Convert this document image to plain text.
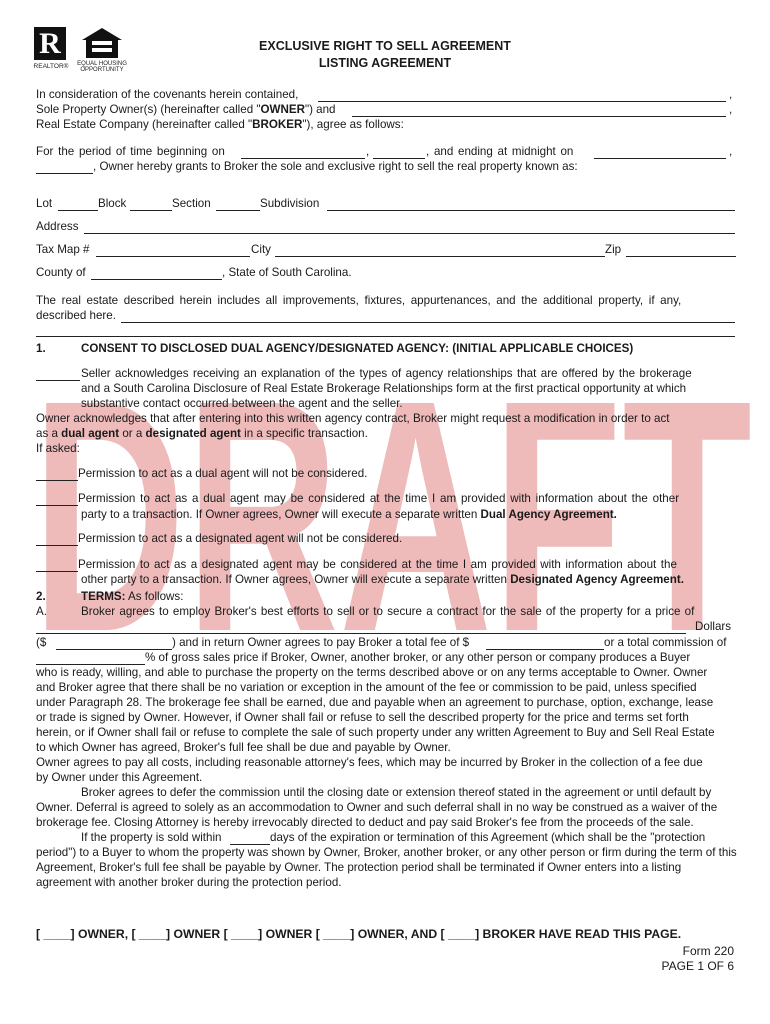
DRAFT
R
REALTOR®	EQUAL HOUSING
OPPORTUNITY
EXCLUSIVE RIGHT TO SELL AGREEMENT
LISTING AGREEMENT
In consideration of the covenants herein contained,	,
Sole Property Owner(s) (hereinafter called "OWNER") and	,
Real Estate Company (hereinafter called "BROKER"), agree as follows:
For the period of time beginning on	,	, and ending at midnight on	,
, Owner hereby grants to Broker the sole and exclusive right to sell the real property known as:
Lot	Block	Section	Subdivision
Address
Tax Map #	City	Zip
County of	, State of South Carolina.
The real estate described herein includes all improvements, fixtures, appurtenances, and the additional property, if any,
described here.
1.	CONSENT TO DISCLOSED DUAL AGENCY/DESIGNATED AGENCY: (INITIAL APPLICABLE CHOICES)
Seller acknowledges receiving an explanation of the types of agency relationships that are offered by the brokerage
and a South Carolina Disclosure of Real Estate Brokerage Relationships form at the first practical opportunity at which
substantive contact occurred between the agent and the seller.
Owner acknowledges that after entering into this written agency contract, Broker might request a modification in order to act
as a dual agent or a designated agent in a specific transaction.
If asked:
Permission to act as a dual agent will not be considered.
Permission to act as a dual agent may be considered at the time I am provided with information about the other
party to a transaction. If Owner agrees, Owner will execute a separate written Dual Agency Agreement.
Permission to act as a designated agent will not be considered.
Permission to act as a designated agent may be considered at the time I am provided with information about the
other party to a transaction. If Owner agrees, Owner will execute a separate written Designated Agency Agreement.
2.	TERMS: As follows:
A.	Broker agrees to employ Broker's best efforts to sell or to secure a contract for the sale of the property for a price of
Dollars
($	) and in return Owner agrees to pay Broker a total fee of $	or a total commission of
% of gross sales price if Broker, Owner, another broker, or any other person or company produces a Buyer
who is ready, willing, and able to purchase the property on the terms described above or on any terms acceptable to Owner. Owner
and Broker agree that there shall be no variation or exception in the amount of the fee or commission to be paid, unless specified
under Paragraph 28. The brokerage fee shall be earned, due and payable when an agreement to purchase, option, exchange, lease
or trade is signed by Owner. However, if Owner shall fail or refuse to sell the described property for the price and terms set forth
herein, or if Owner shall fail or refuse to complete the sale of such property under any written Agreement to Buy and Sell Real Estate
to which Owner has agreed, Broker's full fee shall be due and payable by Owner.
Owner agrees to pay all costs, including reasonable attorney's fees, which may be incurred by Broker in the collection of a fee due
by Owner under this Agreement.
Broker agrees to defer the commission until the closing date or extension thereof stated in the agreement or until default by
Owner. Deferral is agreed to solely as an accommodation to Owner and such deferral shall in no way be construed as a waiver of the
brokerage fee. Closing Attorney is hereby irrevocably directed to deduct and pay said Broker's fee from the proceeds of the sale.
If the property is sold within	days of the expiration or termination of this Agreement (which shall be the "protection
period") to a Buyer to whom the property was shown by Owner, Broker, another broker, or any other person or firm during the term of this
Agreement, Broker's full fee shall be payable by Owner. The protection period shall be terminated if Owner enters into a listing
agreement with another broker during the protection period.
[ ____] OWNER, [ ____] OWNER [ ____] OWNER [ ____] OWNER, AND [ ____] BROKER HAVE READ THIS PAGE.
Form 220
PAGE 1 OF 6
